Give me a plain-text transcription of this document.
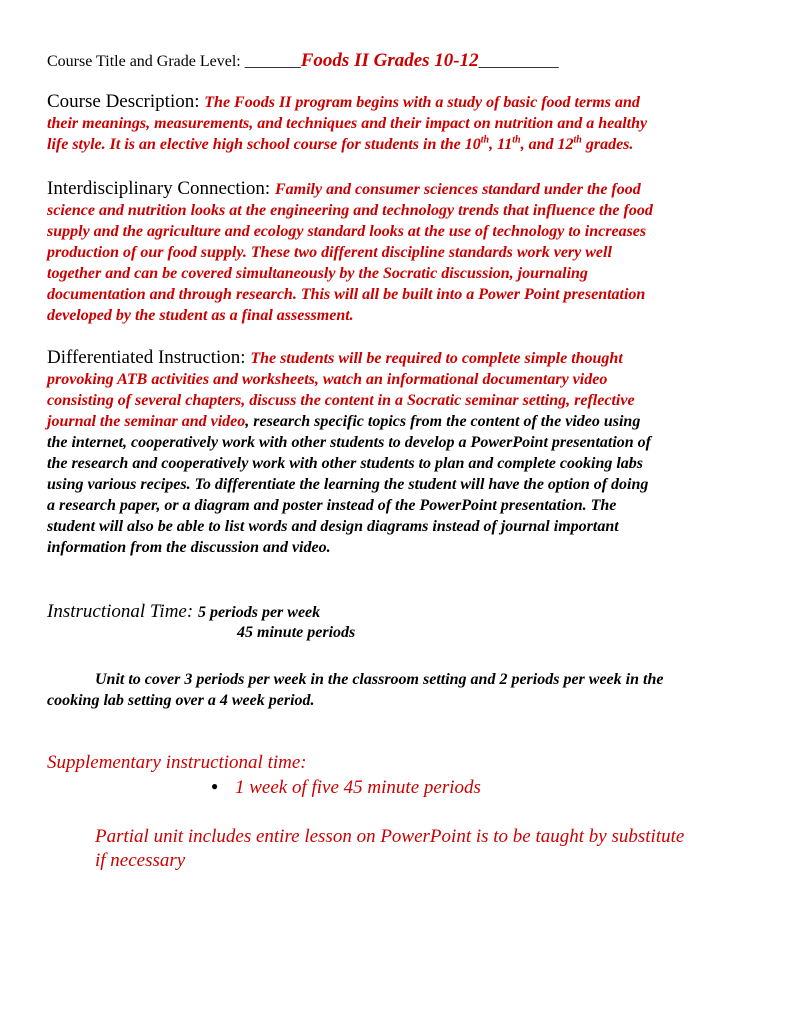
Course Title and Grade Level: _______Foods II Grades 10-12__________
Course Description: The Foods II program begins with a study of basic food terms and
their meanings, measurements, and techniques and their impact on nutrition and a healthy
life style. It is an elective high school course for students in the 10th, 11th, and 12th grades.
Interdisciplinary Connection: Family and consumer sciences standard under the food
science and nutrition looks at the engineering and technology trends that influence the food
supply and the agriculture and ecology standard looks at the use of technology to increases
production of our food supply. These two different discipline standards work very well
together and can be covered simultaneously by the Socratic discussion, journaling
documentation and through research. This will all be built into a Power Point presentation
developed by the student as a final assessment.
Differentiated Instruction: The students will be required to complete simple thought
provoking ATB activities and worksheets, watch an informational documentary video
consisting of several chapters, discuss the content in a Socratic seminar setting, reflective
journal the seminar and video, research specific topics from the content of the video using
the internet, cooperatively work with other students to develop a PowerPoint presentation of
the research and cooperatively work with other students to plan and complete cooking labs
using various recipes. To differentiate the learning the student will have the option of doing
a research paper, or a diagram and poster instead of the PowerPoint presentation. The
student will also be able to list words and design diagrams instead of journal important
information from the discussion and video.
Instructional Time: 5 periods per week
45 minute periods
Unit to cover 3 periods per week in the classroom setting and 2 periods per week in the
cooking lab setting over a 4 week period.
Supplementary instructional time:
● 1 week of five 45 minute periods
Partial unit includes entire lesson on PowerPoint is to be taught by substitute
if necessary
